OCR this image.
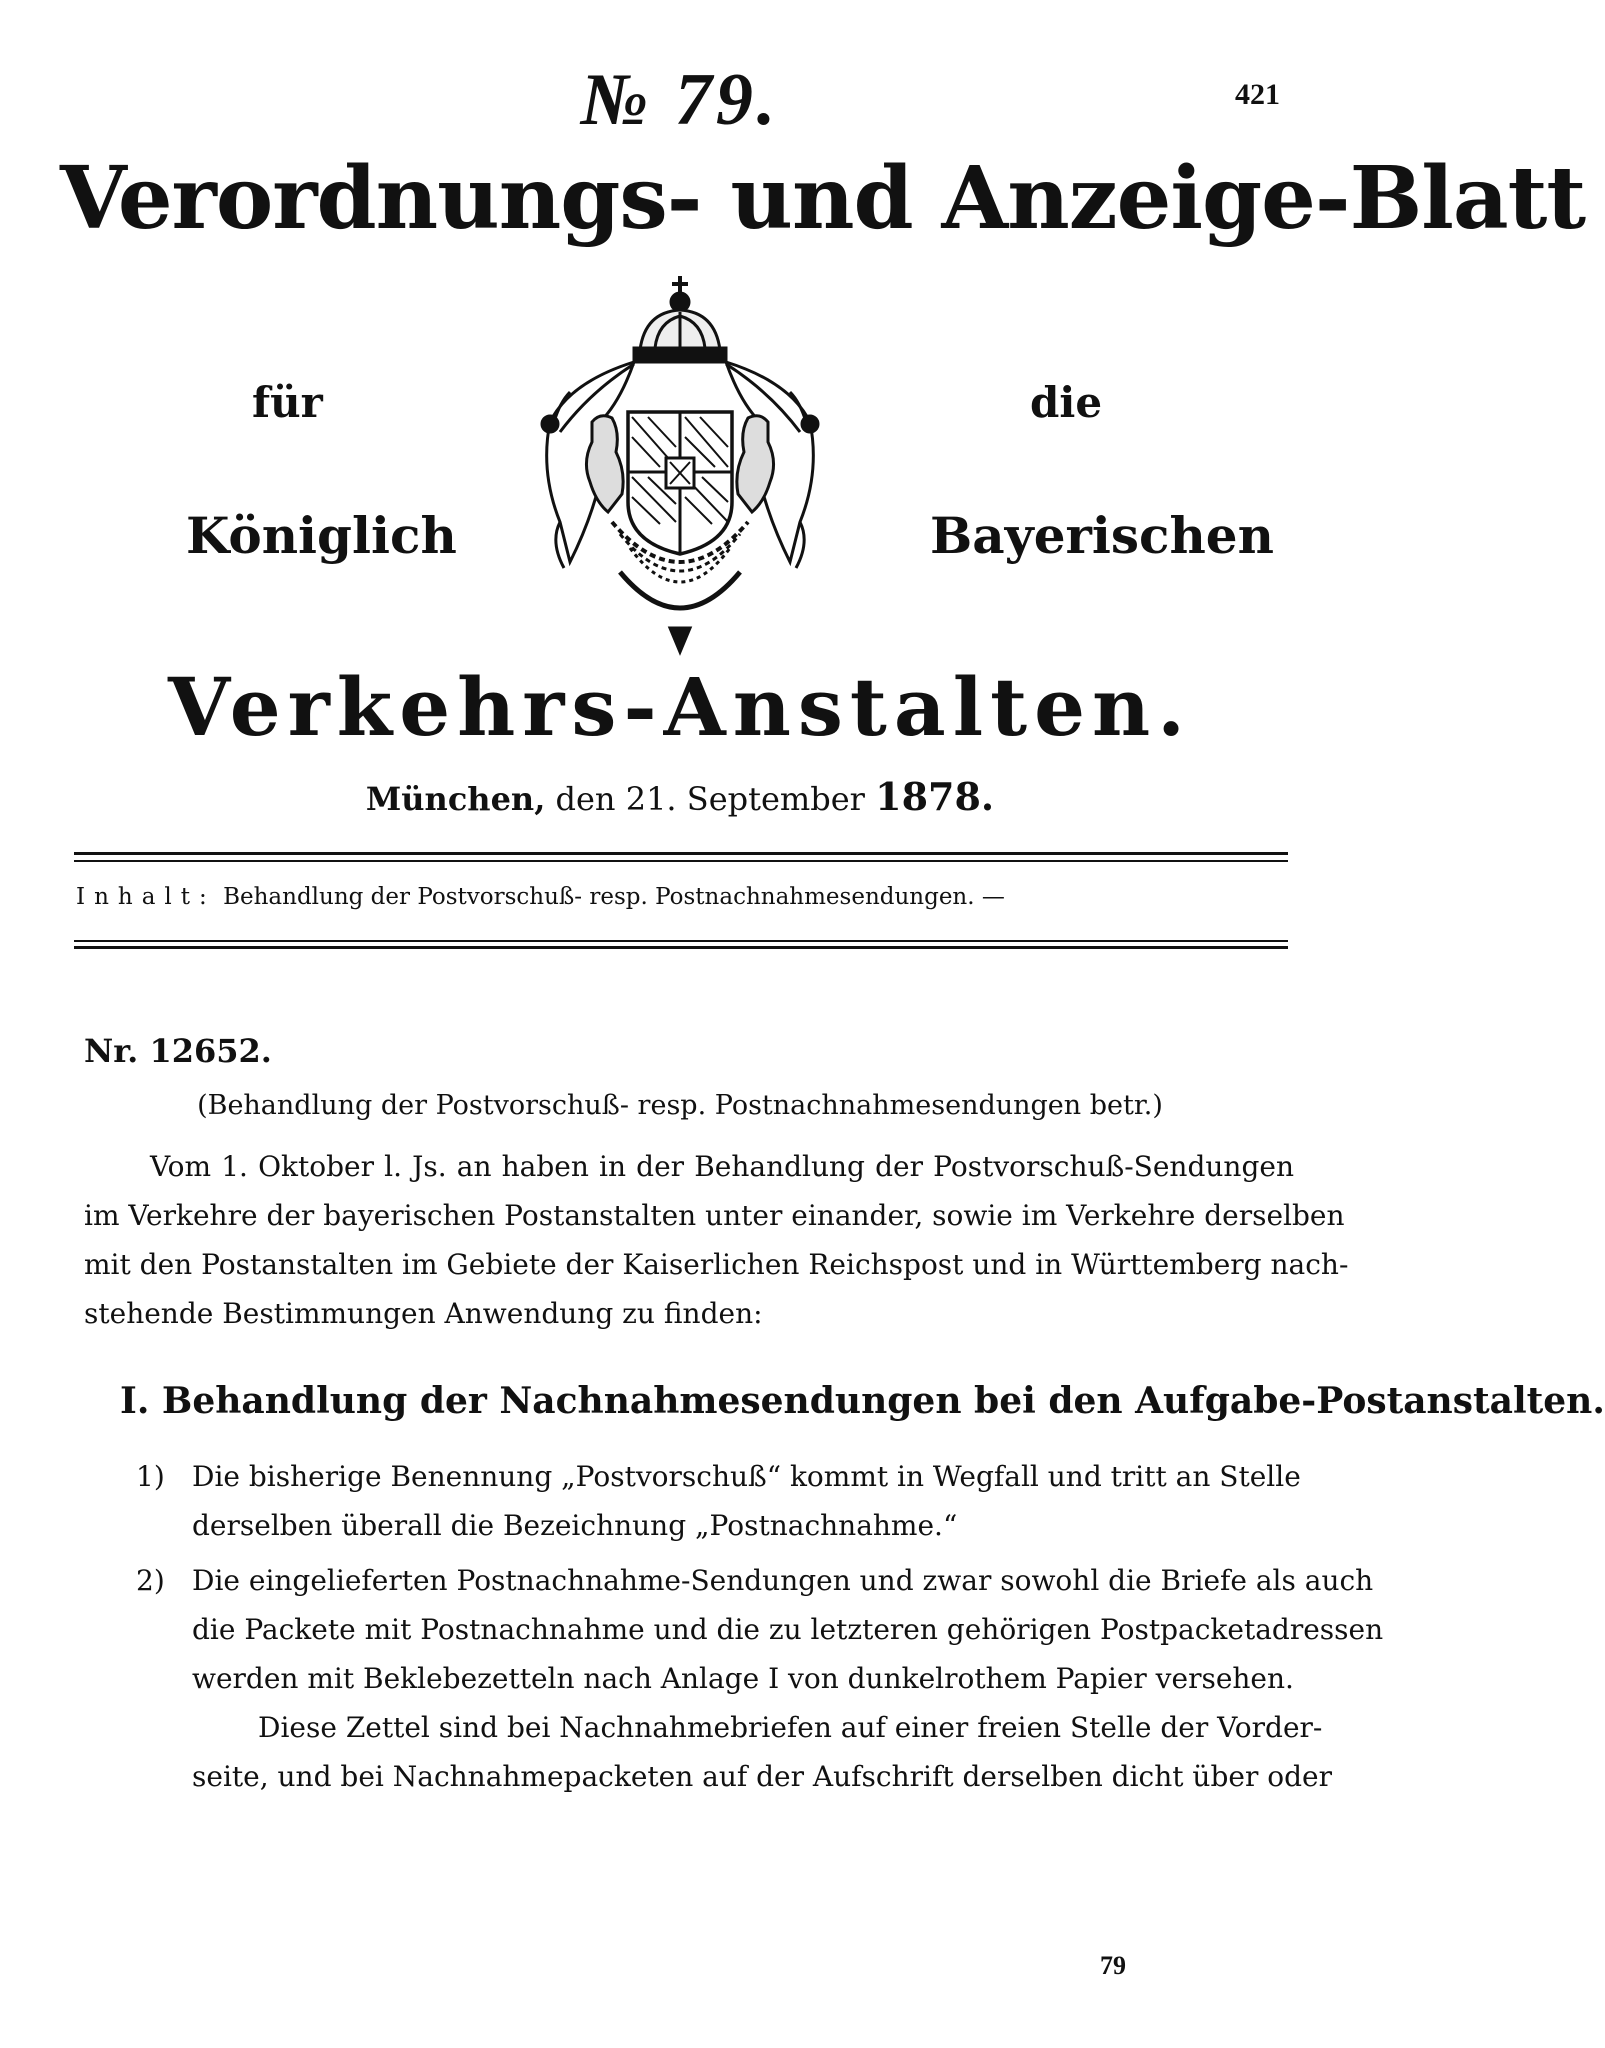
№ 79.	421
Verordnungs- und Anzeige-Blatt
für	die
Königlich	Bayerischen
Verkehrs-Anstalten.
München, den 21. September 1878.
Inhalt: Behandlung der Postvorschuß- resp. Postnachnahmesendungen. —
Nr. 12652.
(Behandlung der Postvorschuß- resp. Postnachnahmesendungen betr.)
Vom 1. Oktober l. Js. an haben in der Behandlung der Postvorschuß-Sendungen
im Verkehre der bayerischen Postanstalten unter einander, sowie im Verkehre derselben
mit den Postanstalten im Gebiete der Kaiserlichen Reichspost und in Württemberg nach-
stehende Bestimmungen Anwendung zu finden:
I. Behandlung der Nachnahmesendungen bei den Aufgabe-Postanstalten.
1) Die bisherige Benennung „Postvorschuß“ kommt in Wegfall und tritt an Stelle
derselben überall die Bezeichnung „Postnachnahme.“
2) Die eingelieferten Postnachnahme-Sendungen und zwar sowohl die Briefe als auch
die Packete mit Postnachnahme und die zu letzteren gehörigen Postpacketadressen
werden mit Beklebezetteln nach Anlage I von dunkelrothem Papier versehen.
Diese Zettel sind bei Nachnahmebriefen auf einer freien Stelle der Vorder-
seite, und bei Nachnahmepacketen auf der Aufschrift derselben dicht über oder
79
